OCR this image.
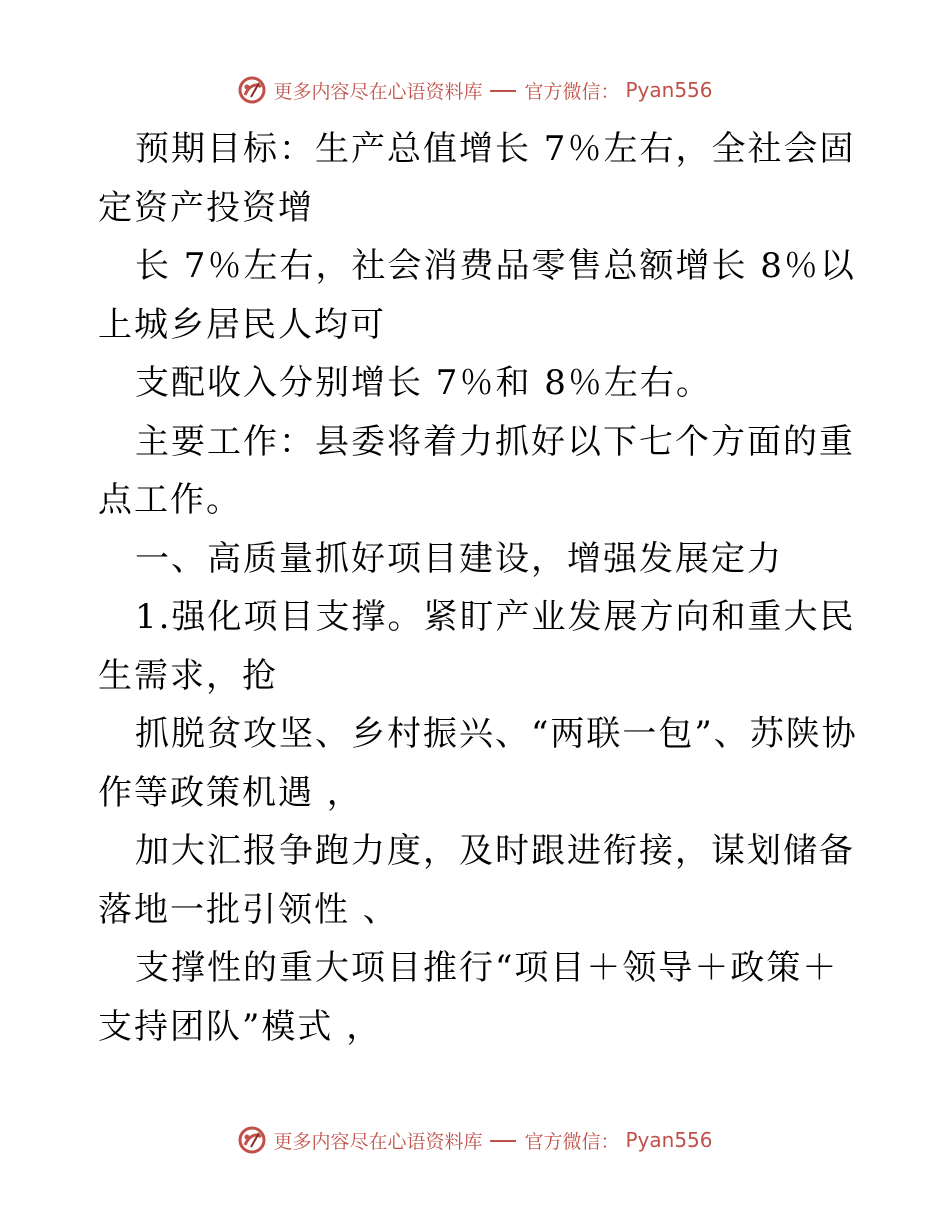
更多内容尽在心语资料库 官方微信： Pyan556
预期目标：生产总值增长 7％左右，全社会固定资产投资增
长 7％左右，社会消费品零售总额增长 8％以上城乡居民人均可
支配收入分别增长 7％和 8％左右。
主要工作：县委将着力抓好以下七个方面的重点工作。
一、高质量抓好项目建设，增强发展定力
1.强化项目支撑。紧盯产业发展方向和重大民生需求，抢
抓脱贫攻坚、乡村振兴、“两联一包”、苏陕协作等政策机遇 ，
加大汇报争跑力度，及时跟进衔接，谋划储备落地一批引领性 、
支撑性的重大项目推行“项目＋领导＋政策＋支持团队”模式 ，
更多内容尽在心语资料库 官方微信： Pyan556
